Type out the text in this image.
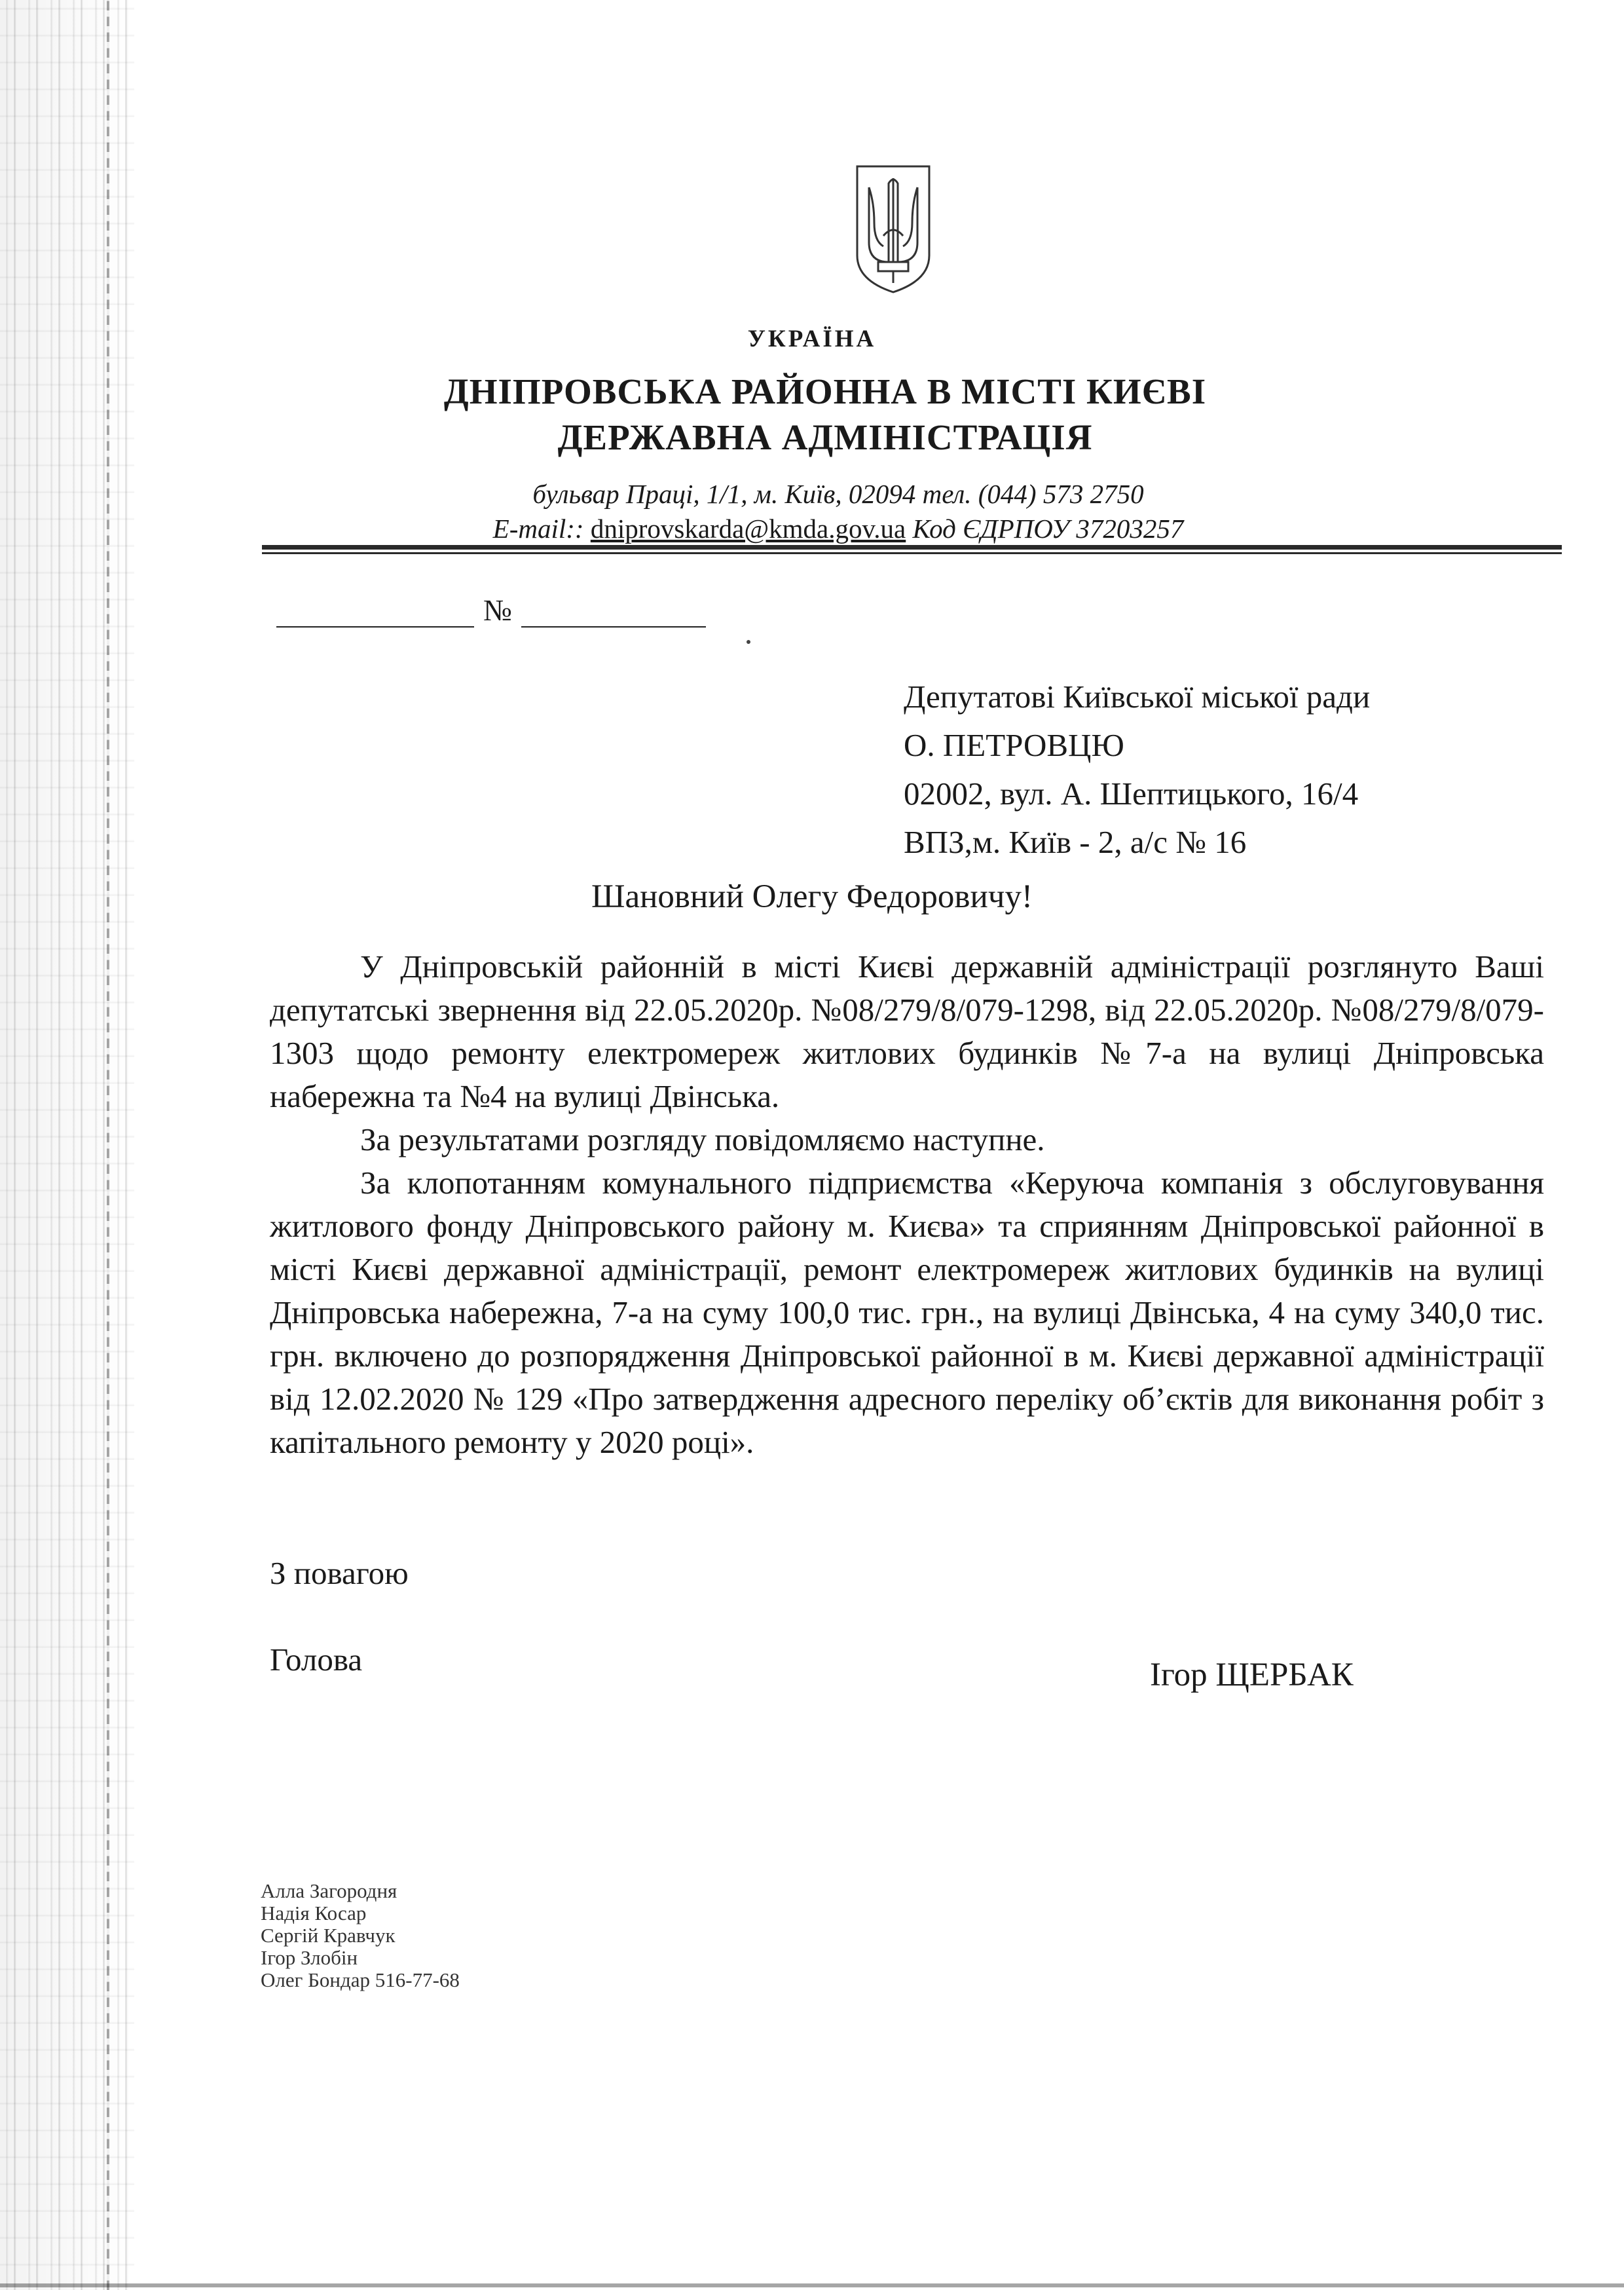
УКРАЇНА
ДНІПРОВСЬКА РАЙОННА В МІСТІ КИЄВІ
ДЕРЖАВНА АДМІНІСТРАЦІЯ
бульвар Праці, 1/1, м. Київ, 02094 тел. (044) 573 2750
E-mail:: dniprovskarda@kmda.gov.ua Код ЄДРПОУ 37203257
№
Депутатові Київської міської ради
О. ПЕТРОВЦЮ
02002, вул. А. Шептицького, 16/4
ВПЗ,м. Київ - 2, а/с № 16
Шановний Олегу Федоровичу!

У Дніпровській районній в місті Києві державній адміністрації розглянуто Ваші депутатські звернення від 22.05.2020р. №08/279/8/079-1298, від 22.05.2020р. №08/279/8/079-1303 щодо ремонту електромереж житлових будинків №7-а на вулиці Дніпровська набережна та №4 на вулиці Двінська.

За результатами розгляду повідомляємо наступне.

За клопотанням комунального підприємства «Керуюча компанія з обслуговування житлового фонду Дніпровського району м. Києва» та сприянням Дніпровської районної в місті Києві державної адміністрації, ремонт електромереж житлових будинків на вулиці Дніпровська набережна, 7-а на суму 100,0 тис. грн., на вулиці Двінська, 4 на суму 340,0 тис. грн. включено до розпорядження Дніпровської районної в м. Києві державної адміністрації від 12.02.2020 № 129 «Про затвердження адресного переліку об’єктів для виконання робіт з капітального ремонту у 2020 році».

З повагою
Голова	Ігор ЩЕРБАК
Алла Загородня
Надія Косар
Сергій Кравчук
Ігор Злобін
Олег Бондар 516-77-68
